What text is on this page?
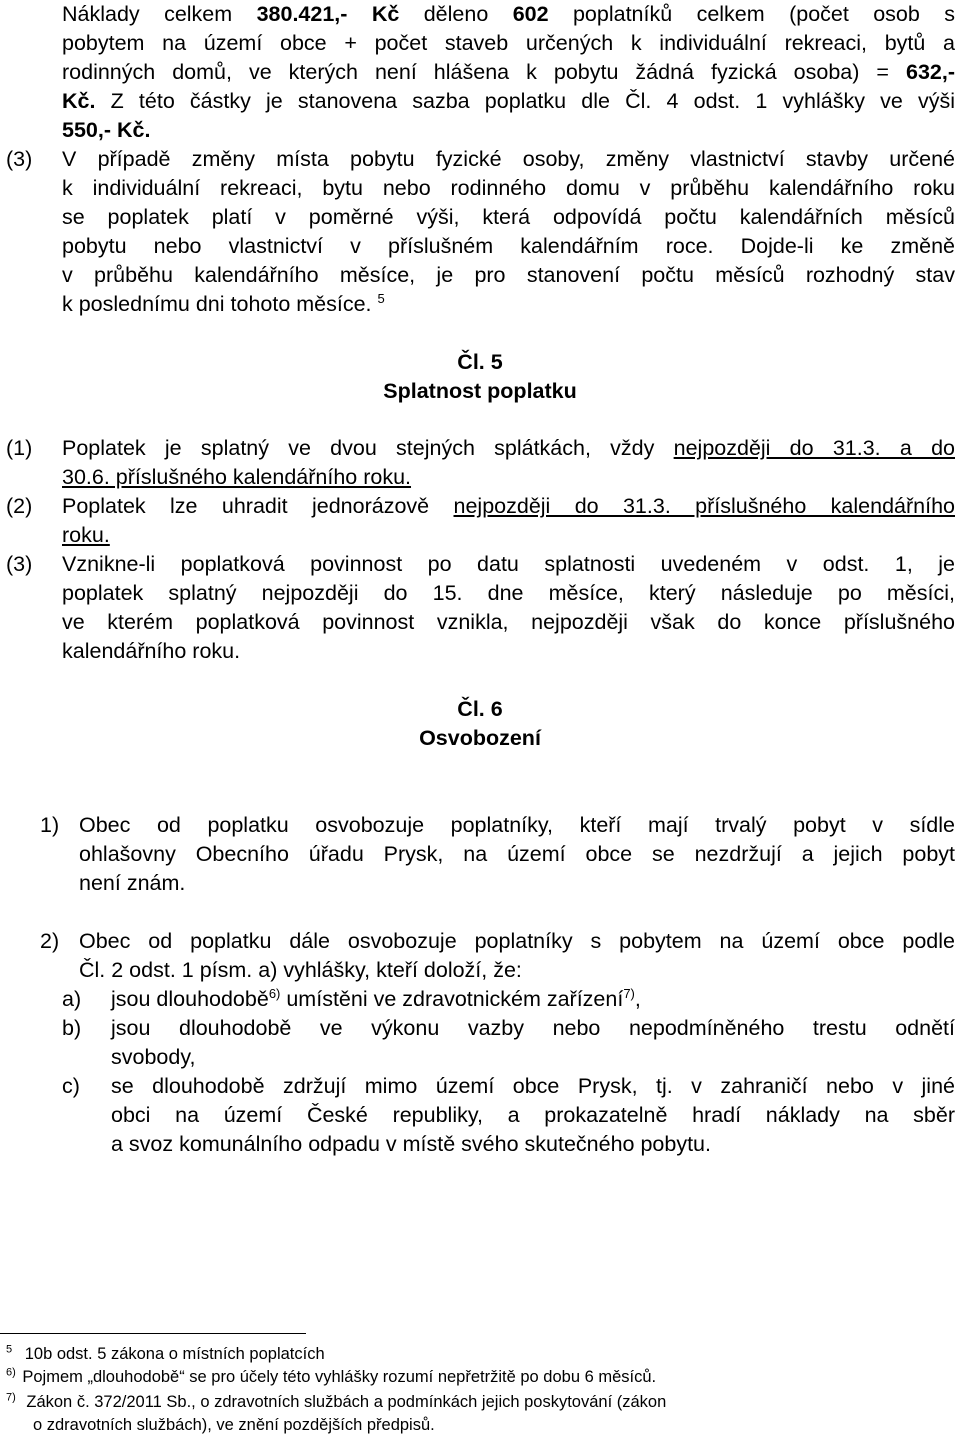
Náklady celkem 380.421,- Kč děleno 602 poplatníků celkem (počet osob s
pobytem na území obce + počet staveb určených k individuální rekreaci, bytů a
rodinných domů, ve kterých není hlášena k pobytu žádná fyzická osoba) = 632,-
Kč. Z této částky je stanovena sazba poplatku dle Čl. 4 odst. 1 vyhlášky ve výši
550,- Kč.
(3) V případě změny místa pobytu fyzické osoby, změny vlastnictví stavby určené
k individuální rekreaci, bytu nebo rodinného domu v průběhu kalendářního roku
se poplatek platí v poměrné výši, která odpovídá počtu kalendářních měsíců
pobytu nebo vlastnictví v příslušném kalendářním roce. Dojde-li ke změně
v průběhu kalendářního měsíce, je pro stanovení počtu měsíců rozhodný stav
k poslednímu dni tohoto měsíce. $^5$
Čl. 5
Splatnost poplatku
(1) Poplatek je splatný ve dvou stejných splátkách, vždy nejpozději do 31.3. a do
30.6. příslušného kalendářního roku.
(2) Poplatek lze uhradit jednorázově nejpozději do 31.3. příslušného kalendářního
roku.
(3) Vznikne-li poplatková povinnost po datu splatnosti uvedeném v odst. 1, je
poplatek splatný nejpozději do 15. dne měsíce, který následuje po měsíci,
ve kterém poplatková povinnost vznikla, nejpozději však do konce příslušného
kalendářního roku.
Čl. 6
Osvobození
1) Obec od poplatku osvobozuje poplatníky, kteří mají trvalý pobyt v sídle
ohlašovny Obecního úřadu Prysk, na území obce se nezdržují a jejich pobyt
není znám.
2) Obec od poplatku dále osvobozuje poplatníky s pobytem na území obce podle
Čl. 2 odst. 1 písm. a) vyhlášky, kteří doloží, že:
a) jsou dlouhodobě$^{6)}$ umístěni ve zdravotnickém zařízení$^{7)}$,
b) jsou dlouhodobě ve výkonu vazby nebo nepodmíněného trestu odnětí
svobody,
c) se dlouhodobě zdržují mimo území obce Prysk, tj. v zahraničí nebo v jiné
obci na území České republiky, a prokazatelně hradí náklady na sběr
a svoz komunálního odpadu v místě svého skutečného pobytu.
$^5$ 10b odst. 5 zákona o místních poplatcích
$^{6)}$ Pojmem „dlouhodobě“ se pro účely této vyhlášky rozumí nepřetržitě po dobu 6 měsíců.
$^{7)}$ Zákon č. 372/2011 Sb., o zdravotních službách a podmínkách jejich poskytování (zákon
o zdravotních službách), ve znění pozdějších předpisů.
